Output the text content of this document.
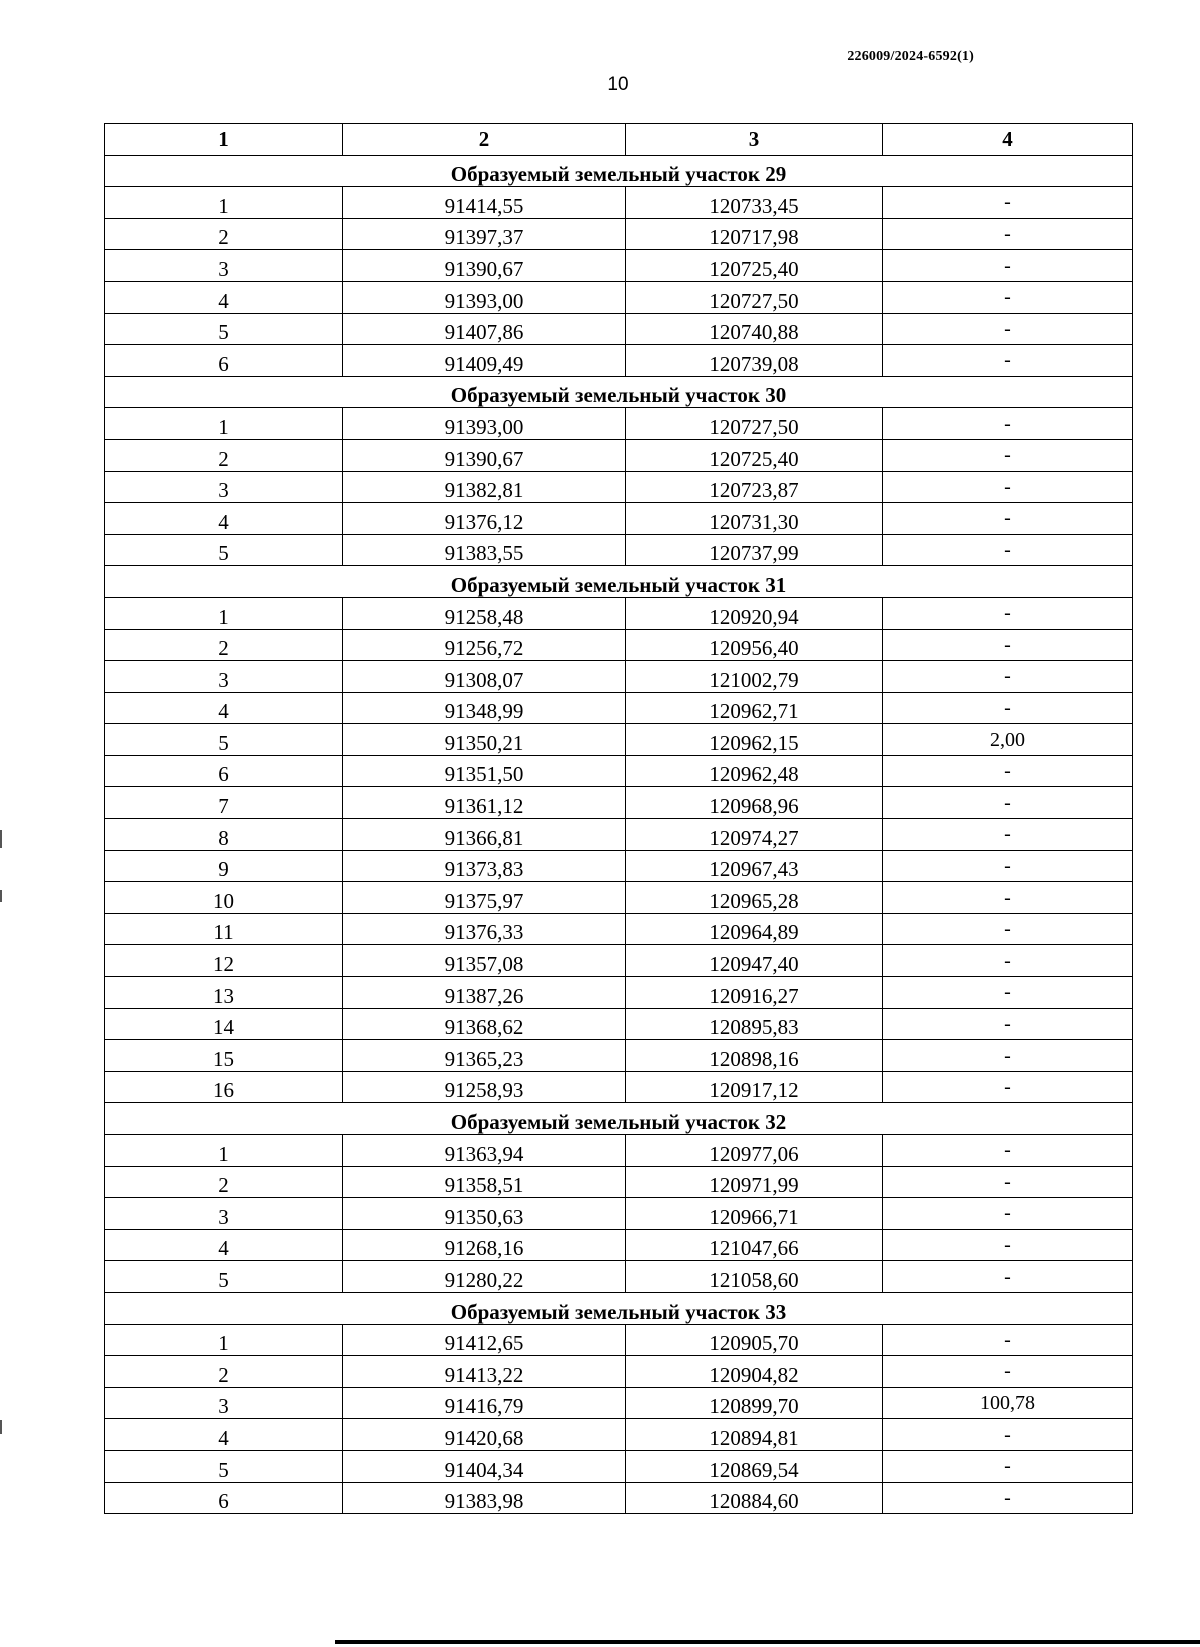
226009/2024-6592(1)
10
1	2	3	4
Образуемый земельный участок 29			
1	91414,55	120733,45	-
2	91397,37	120717,98	-
3	91390,67	120725,40	-
4	91393,00	120727,50	-
5	91407,86	120740,88	-
6	91409,49	120739,08	-
Образуемый земельный участок 30			
1	91393,00	120727,50	-
2	91390,67	120725,40	-
3	91382,81	120723,87	-
4	91376,12	120731,30	-
5	91383,55	120737,99	-
Образуемый земельный участок 31			
1	91258,48	120920,94	-
2	91256,72	120956,40	-
3	91308,07	121002,79	-
4	91348,99	120962,71	-
5	91350,21	120962,15	2,00
6	91351,50	120962,48	-
7	91361,12	120968,96	-
8	91366,81	120974,27	-
9	91373,83	120967,43	-
10	91375,97	120965,28	-
11	91376,33	120964,89	-
12	91357,08	120947,40	-
13	91387,26	120916,27	-
14	91368,62	120895,83	-
15	91365,23	120898,16	-
16	91258,93	120917,12	-
Образуемый земельный участок 32			
1	91363,94	120977,06	-
2	91358,51	120971,99	-
3	91350,63	120966,71	-
4	91268,16	121047,66	-
5	91280,22	121058,60	-
Образуемый земельный участок 33			
1	91412,65	120905,70	-
2	91413,22	120904,82	-
3	91416,79	120899,70	100,78
4	91420,68	120894,81	-
5	91404,34	120869,54	-
6	91383,98	120884,60	-
